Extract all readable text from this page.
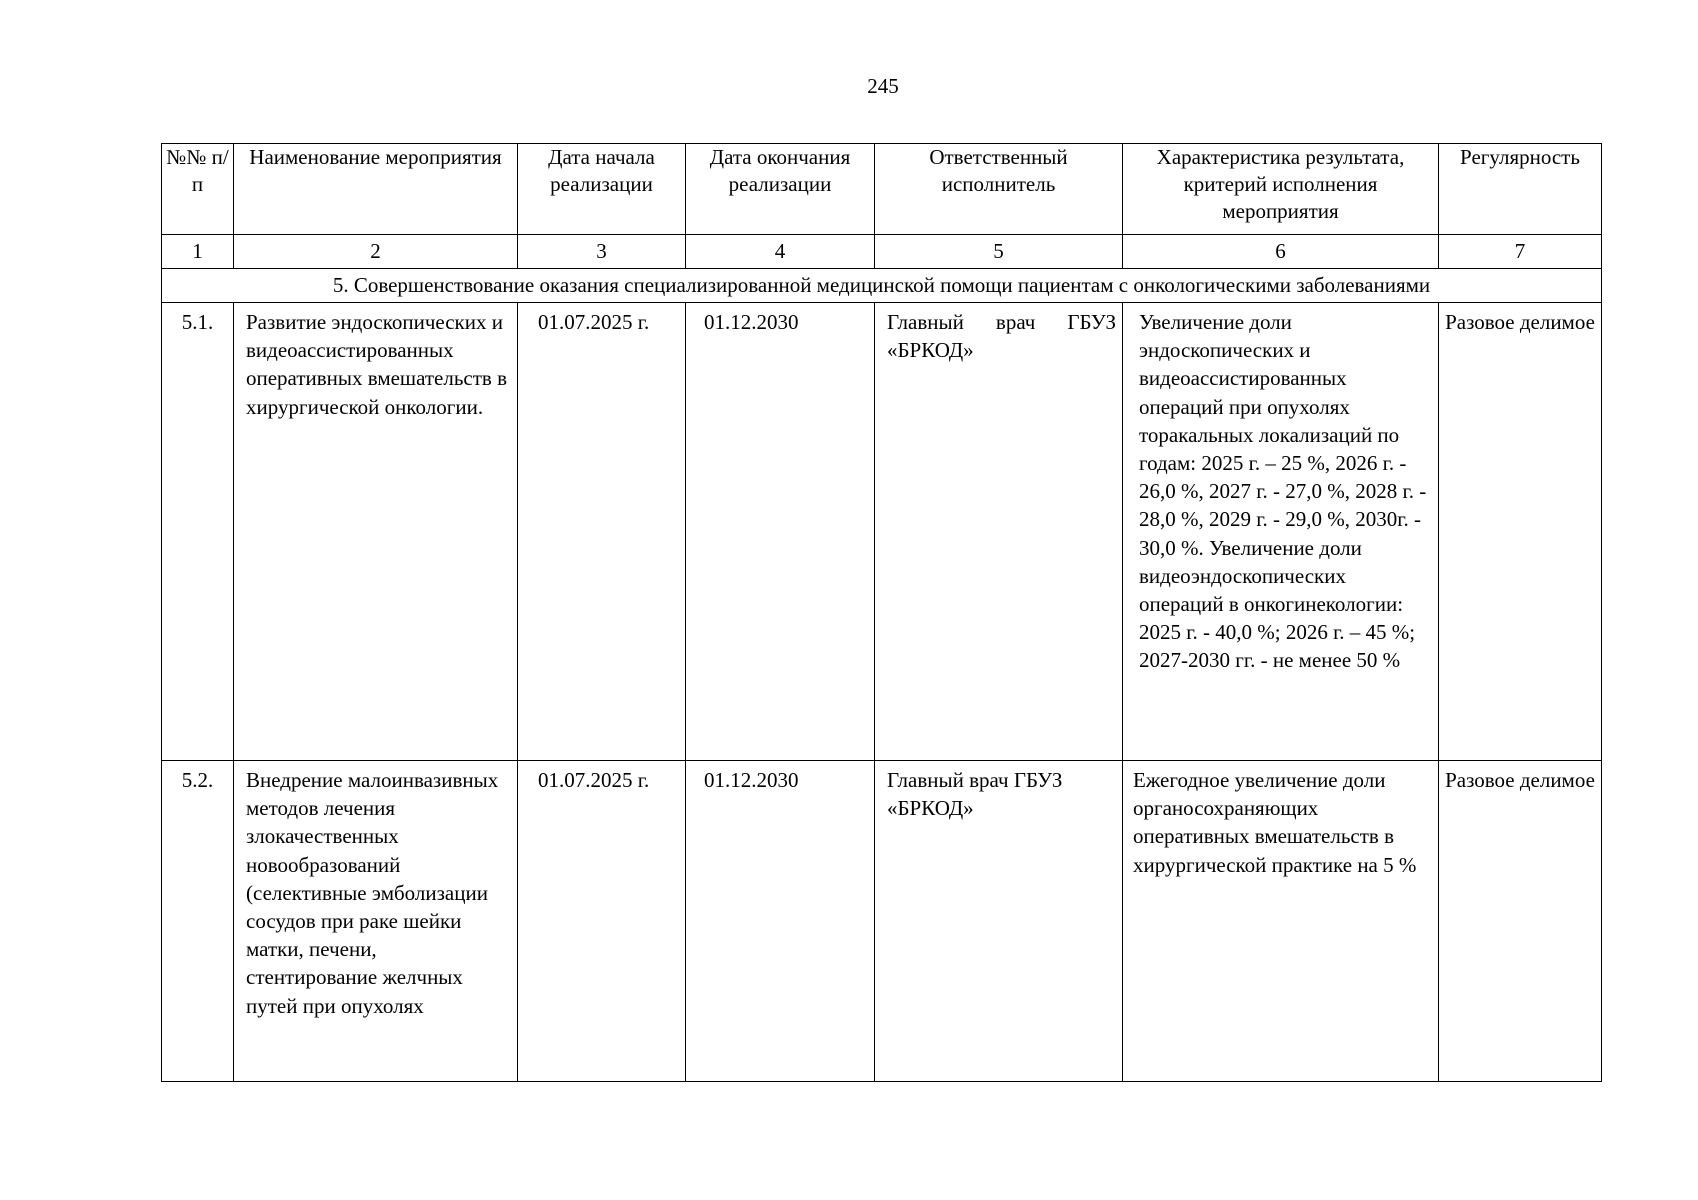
245
№№ п/п	Наименование мероприятия	Дата начала реализации	Дата окончания реализации	Ответственный исполнитель	Характеристика результата, критерий исполнения мероприятия	Регулярность
1	2	3	4	5	6	7
5. Совершенствование оказания специализированной медицинской помощи пациентам с онкологическими заболеваниями						
5.1.	Развитие эндоскопических и видеоассистированных оперативных вмешательств в хирургической онкологии.	01.07.2025 г.	01.12.2030	Главный врач ГБУЗ «БРКОД»	Увеличение доли эндоскопических и видеоассистированных операций при опухолях торакальных локализаций по годам: 2025 г. – 25 %, 2026 г. - 26,0 %, 2027 г. - 27,0 %, 2028 г. - 28,0 %, 2029 г. - 29,0 %, 2030г. - 30,0 %. Увеличение доли видеоэндоскопических операций в онкогинекологии: 2025 г. - 40,0 %; 2026 г. – 45 %; 2027-2030 гг. - не менее 50 %	Разовое делимое
5.2.	Внедрение малоинвазивных методов лечения злокачественных новообразований (селективные эмболизации сосудов при раке шейки матки, печени, стентирование желчных путей при опухолях	01.07.2025 г.	01.12.2030	Главный врач ГБУЗ «БРКОД»	Ежегодное увеличение доли органосохраняющих оперативных вмешательств в хирургической практике на 5 %	Разовое делимое
